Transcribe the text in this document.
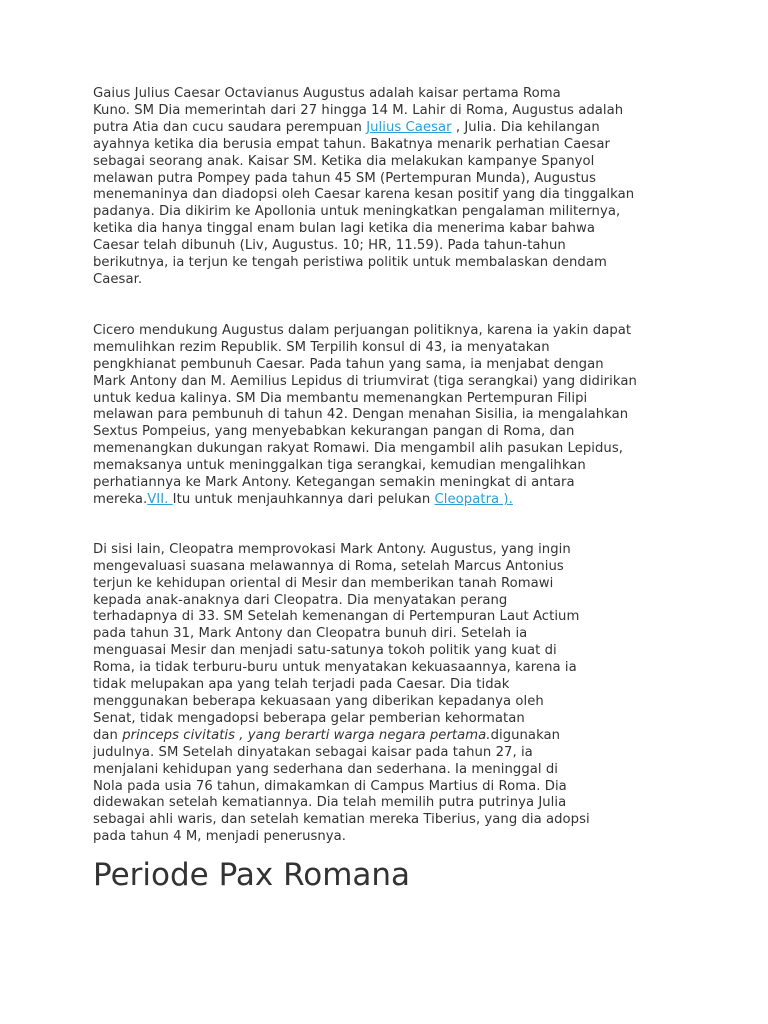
Gaius Julius Caesar Octavianus Augustus adalah kaisar pertama Roma
Kuno. SM Dia memerintah dari 27 hingga 14 M. Lahir di Roma, Augustus adalah
putra Atia dan cucu saudara perempuan Julius Caesar , Julia. Dia kehilangan
ayahnya ketika dia berusia empat tahun. Bakatnya menarik perhatian Caesar
sebagai seorang anak. Kaisar SM. Ketika dia melakukan kampanye Spanyol
melawan putra Pompey pada tahun 45 SM (Pertempuran Munda), Augustus
menemaninya dan diadopsi oleh Caesar karena kesan positif yang dia tinggalkan
padanya. Dia dikirim ke Apollonia untuk meningkatkan pengalaman militernya,
ketika dia hanya tinggal enam bulan lagi ketika dia menerima kabar bahwa
Caesar telah dibunuh (Liv, Augustus. 10; HR, 11.59). Pada tahun-tahun
berikutnya, ia terjun ke tengah peristiwa politik untuk membalaskan dendam
Caesar.

Cicero mendukung Augustus dalam perjuangan politiknya, karena ia yakin dapat
memulihkan rezim Republik. SM Terpilih konsul di 43, ia menyatakan
pengkhianat pembunuh Caesar. Pada tahun yang sama, ia menjabat dengan
Mark Antony dan M. Aemilius Lepidus di triumvirat (tiga serangkai) yang didirikan
untuk kedua kalinya. SM Dia membantu memenangkan Pertempuran Filipi
melawan para pembunuh di tahun 42. Dengan menahan Sisilia, ia mengalahkan
Sextus Pompeius, yang menyebabkan kekurangan pangan di Roma, dan
memenangkan dukungan rakyat Romawi. Dia mengambil alih pasukan Lepidus,
memaksanya untuk meninggalkan tiga serangkai, kemudian mengalihkan
perhatiannya ke Mark Antony. Ketegangan semakin meningkat di antara
mereka.VII. Itu untuk menjauhkannya dari pelukan Cleopatra ).

Di sisi lain, Cleopatra memprovokasi Mark Antony. Augustus, yang ingin
mengevaluasi suasana melawannya di Roma, setelah Marcus Antonius
terjun ke kehidupan oriental di Mesir dan memberikan tanah Romawi
kepada anak-anaknya dari Cleopatra. Dia menyatakan perang
terhadapnya di 33. SM Setelah kemenangan di Pertempuran Laut Actium
pada tahun 31, Mark Antony dan Cleopatra bunuh diri. Setelah ia
menguasai Mesir dan menjadi satu-satunya tokoh politik yang kuat di
Roma, ia tidak terburu-buru untuk menyatakan kekuasaannya, karena ia
tidak melupakan apa yang telah terjadi pada Caesar. Dia tidak
menggunakan beberapa kekuasaan yang diberikan kepadanya oleh
Senat, tidak mengadopsi beberapa gelar pemberian kehormatan
dan princeps civitatis , yang berarti warga negara pertama.digunakan
judulnya. SM Setelah dinyatakan sebagai kaisar pada tahun 27, ia
menjalani kehidupan yang sederhana dan sederhana. Ia meninggal di
Nola pada usia 76 tahun, dimakamkan di Campus Martius di Roma. Dia
didewakan setelah kematiannya. Dia telah memilih putra putrinya Julia
sebagai ahli waris, dan setelah kematian mereka Tiberius, yang dia adopsi
pada tahun 4 M, menjadi penerusnya.

Periode Pax Romana
